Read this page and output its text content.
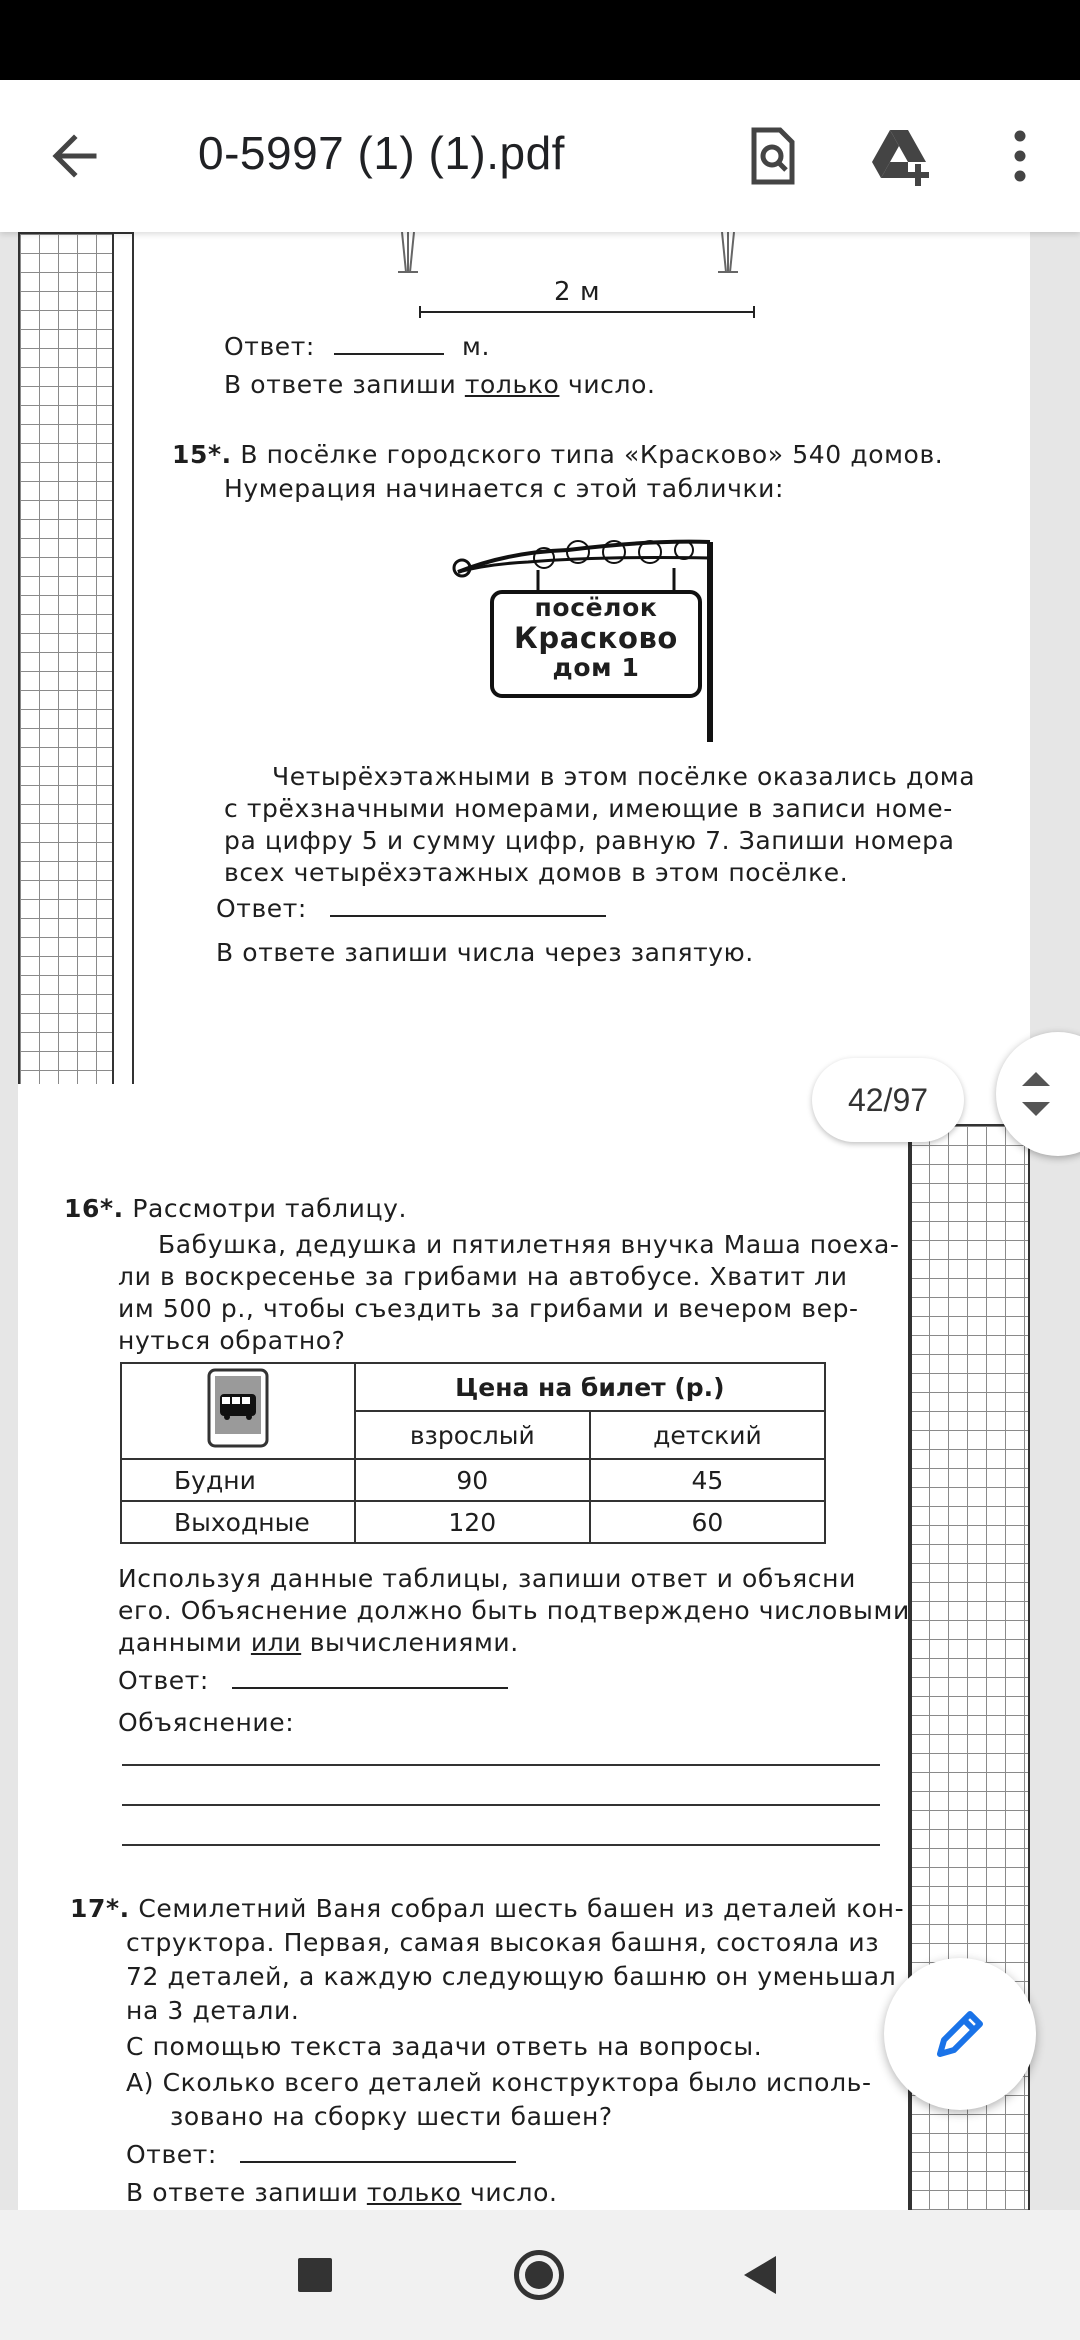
0-5997 (1) (1).pdf
2 м
Ответ:	м.
В ответе запиши только число.
15*. В посёлке городского типа «Красково» 540 домов.
Нумерация начинается с этой таблички:
посёлок
Красково
дом 1
Четырёхэтажными в этом посёлке оказались дома
с трёхзначными номерами, имеющие в записи номе-
ра цифру 5 и сумму цифр, равную 7. Запиши номера
всех четырёхэтажных домов в этом посёлке.
Ответ:
В ответе запиши числа через запятую.
16*. Рассмотри таблицу.
Бабушка, дедушка и пятилетняя внучка Маша поеха-
ли в воскресенье за грибами на автобусе. Хватит ли
им 500 р., чтобы съездить за грибами и вечером вер-
нуться обратно?
	Цена на билет (р.)	
	взрослый	детский
Будни	90	45
Выходные	120	60
Используя данные таблицы, запиши ответ и объясни
его. Объяснение должно быть подтверждено числовыми
данными или вычислениями.
Ответ:
Объяснение:
17*. Семилетний Ваня собрал шесть башен из деталей кон-
структора. Первая, самая высокая башня, состояла из
72 деталей, а каждую следующую башню он уменьшал
на 3 детали.
С помощью текста задачи ответь на вопросы.
А) Сколько всего деталей конструктора было исполь-
зовано на сборку шести башен?
Ответ:
В ответе запиши только число.
42/97
